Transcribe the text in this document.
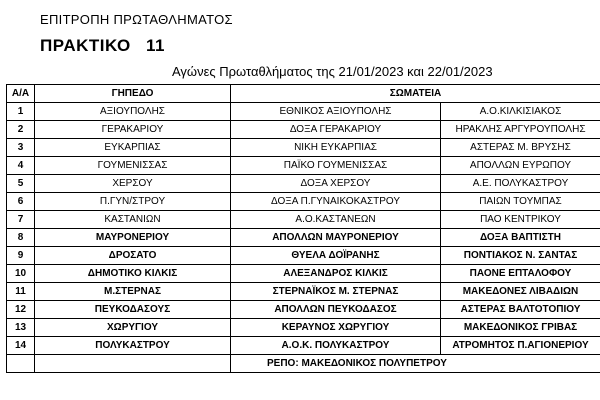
ΕΠΙΤΡΟΠΗ ΠΡΩΤΑΘΛΗΜΑΤΟΣ
ΠΡΑΚΤΙΚΟ 11
Αγώνες Πρωταθλήματος της 21/01/2023 και 22/01/2023
Α/Α	ΓΗΠΕΔΟ	ΣΩΜΑΤΕΙΑ		
1	ΑΞΙΟΥΠΟΛΗΣ	ΕΘΝΙΚΟΣ ΑΞΙΟΥΠΟΛΗΣ	Α.Ο.ΚΙΛΚΙΣΙΑΚΟΣ	
2	ΓΕΡΑΚΑΡΙΟΥ	ΔΟΞΑ ΓΕΡΑΚΑΡΙΟΥ	ΗΡΑΚΛΗΣ ΑΡΓΥΡΟΥΠΟΛΗΣ	
3	ΕΥΚΑΡΠΙΑΣ	ΝΙΚΗ ΕΥΚΑΡΠΙΑΣ	ΑΣΤΕΡΑΣ Μ. ΒΡΥΣΗΣ	
4	ΓΟΥΜΕΝΙΣΣΑΣ	ΠΑΪΚΟ ΓΟΥΜΕΝΙΣΣΑΣ	ΑΠΟΛΛΩΝ ΕΥΡΩΠΟΥ	
5	ΧΕΡΣΟΥ	ΔΟΞΑ ΧΕΡΣΟΥ	Α.Ε. ΠΟΛΥΚΑΣΤΡΟΥ	
6	Π.ΓΥΝ/ΣΤΡΟΥ	ΔΟΞΑ Π.ΓΥΝΑΙΚΟΚΑΣΤΡΟΥ	ΠΑΙΩΝ ΤΟΥΜΠΑΣ	
7	ΚΑΣΤΑΝΙΩΝ	Α.Ο.ΚΑΣΤΑΝΕΩΝ	ΠΑΟ ΚΕΝΤΡΙΚΟΥ	
8	ΜΑΥΡΟΝΕΡΙΟΥ	ΑΠΟΛΛΩΝ ΜΑΥΡΟΝΕΡΙΟΥ	ΔΟΞΑ ΒΑΠΤΙΣΤΗ	
9	ΔΡΟΣΑΤΟ	ΘΥΕΛΑ ΔΟΪΡΑΝΗΣ	ΠΟΝΤΙΑΚΟΣ Ν. ΣΑΝΤΑΣ	
10	ΔΗΜΟΤΙΚΟ ΚΙΛΚΙΣ	ΑΛΕΞΑΝΔΡΟΣ ΚΙΛΚΙΣ	ΠΑΟΝΕ ΕΠΤΑΛΟΦΟΥ	
11	Μ.ΣΤΕΡΝΑΣ	ΣΤΕΡΝΑΪΚΟΣ Μ. ΣΤΕΡΝΑΣ	ΜΑΚΕΔΟΝΕΣ ΛΙΒΑΔΙΩΝ	
12	ΠΕΥΚΟΔΑΣΟΥΣ	ΑΠΟΛΛΩΝ ΠΕΥΚΟΔΑΣΟΣ	ΑΣΤΕΡΑΣ ΒΑΛΤΟΤΟΠΙΟΥ	
13	ΧΩΡΥΓΙΟΥ	ΚΕΡΑΥΝΟΣ ΧΩΡΥΓΙΟΥ	ΜΑΚΕΔΟΝΙΚΟΣ ΓΡΙΒΑΣ	
14	ΠΟΛΥΚΑΣΤΡΟΥ	Α.Ο.Κ. ΠΟΛΥΚΑΣΤΡΟΥ	ΑΤΡΟΜΗΤΟΣ Π.ΑΓΙΟΝΕΡΙΟΥ	
		ΡΕΠΟ: ΜΑΚΕΔΟΝΙΚΟΣ ΠΟΛΥΠΕΤΡΟΥ		
